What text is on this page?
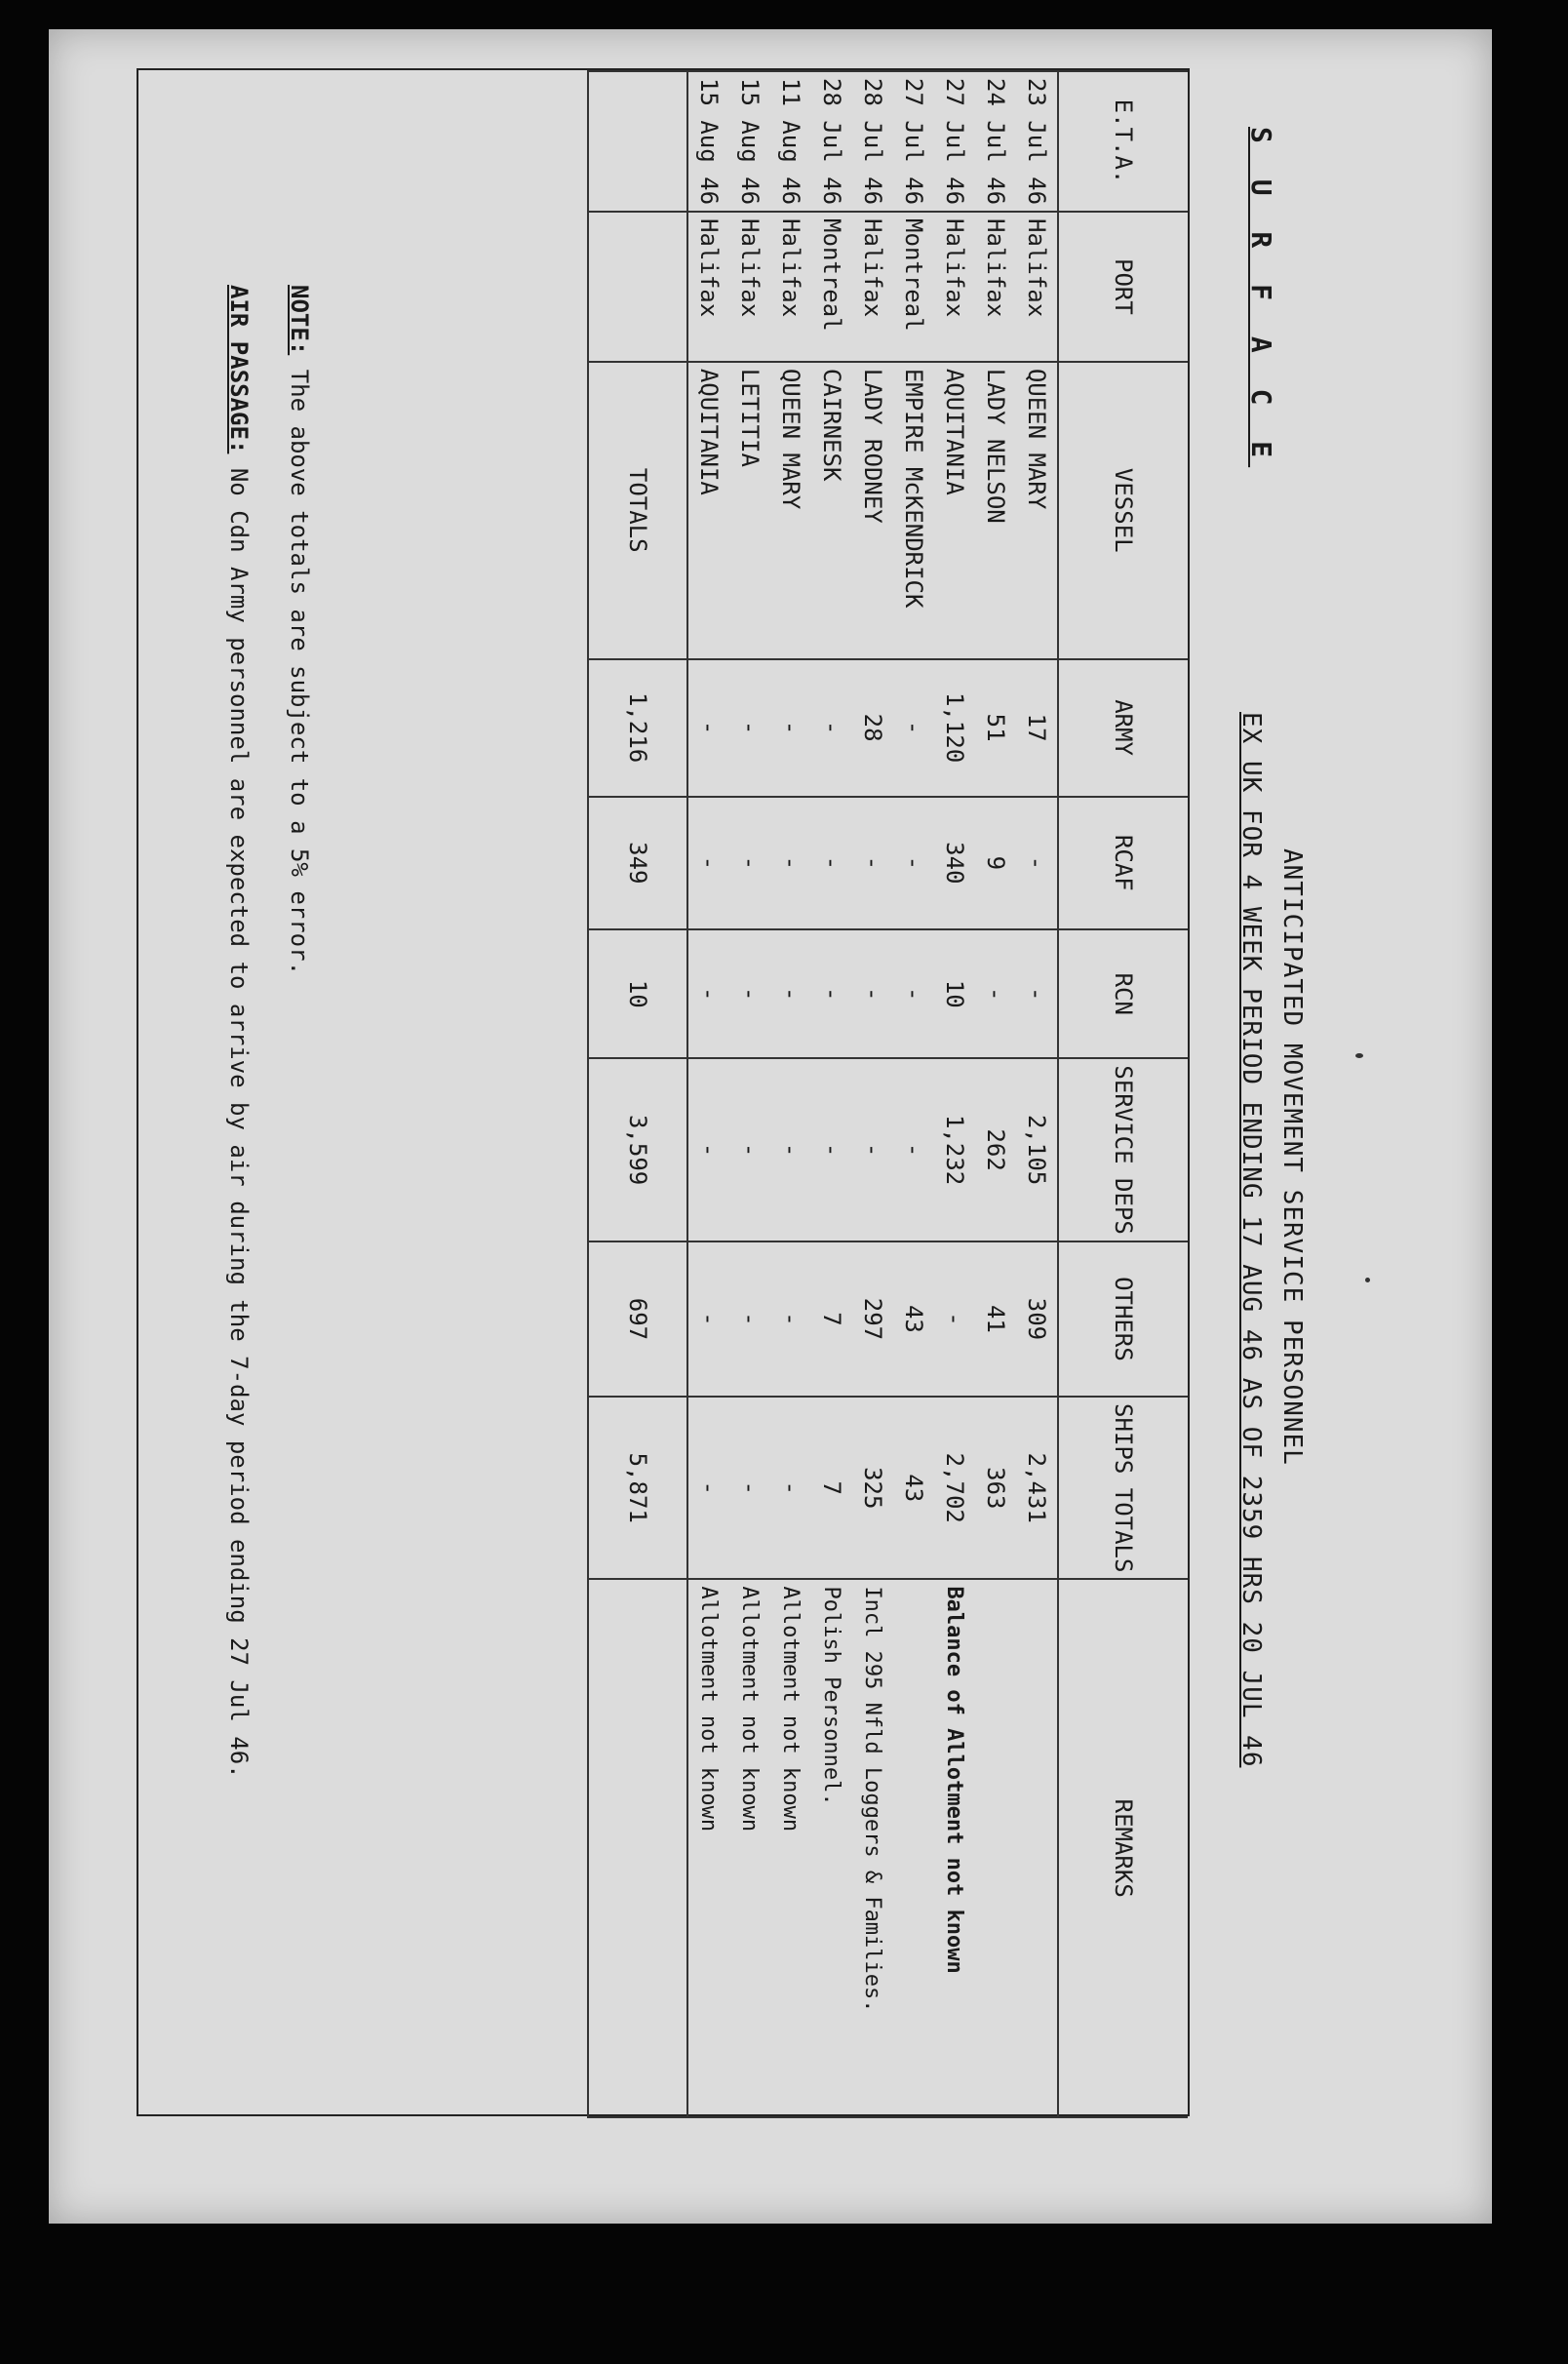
S U R F A C E
ANTICIPATED MOVEMENT SERVICE PERSONNEL
EX UK FOR 4 WEEK PERIOD ENDING 17 AUG 46 AS OF 2359 HRS 20 JUL 46
E.T.A.	PORT	VESSEL	ARMY	RCAF	RCN	SERVICE DEPS	OTHERS	SHIPS TOTALS	REMARKS
23 Jul 46	Halifax	QUEEN MARY	17	-	-	2,105	309	2,431	
24 Jul 46	Halifax	LADY NELSON	51	9	-	262	41	363	
27 Jul 46	Halifax	AQUITANIA	1,120	340	10	1,232	-	2,702	Balance of Allotment not known
27 Jul 46	Montreal	EMPIRE McKENDRICK	-	-	-	-	43	43	
28 Jul 46	Halifax	LADY RODNEY	28	-	-	-	297	325	Incl 295 Nfld Loggers & Families.
28 Jul 46	Montreal	CAIRNESK	-	-	-	-	7	7	Polish Personnel.
11 Aug 46	Halifax	QUEEN MARY	-	-	-	-	-	-	Allotment not known
15 Aug 46	Halifax	LETITIA	-	-	-	-	-	-	Allotment not known
15 Aug 46	Halifax	AQUITANIA	-	-	-	-	-	-	Allotment not known
		TOTALS	1,216	349	10	3,599	697	5,871	
NOTE: The above totals are subject to a 5% error.
AIR PASSAGE: No Cdn Army personnel are expected to arrive by air during the 7-day period ending 27 Jul 46.
